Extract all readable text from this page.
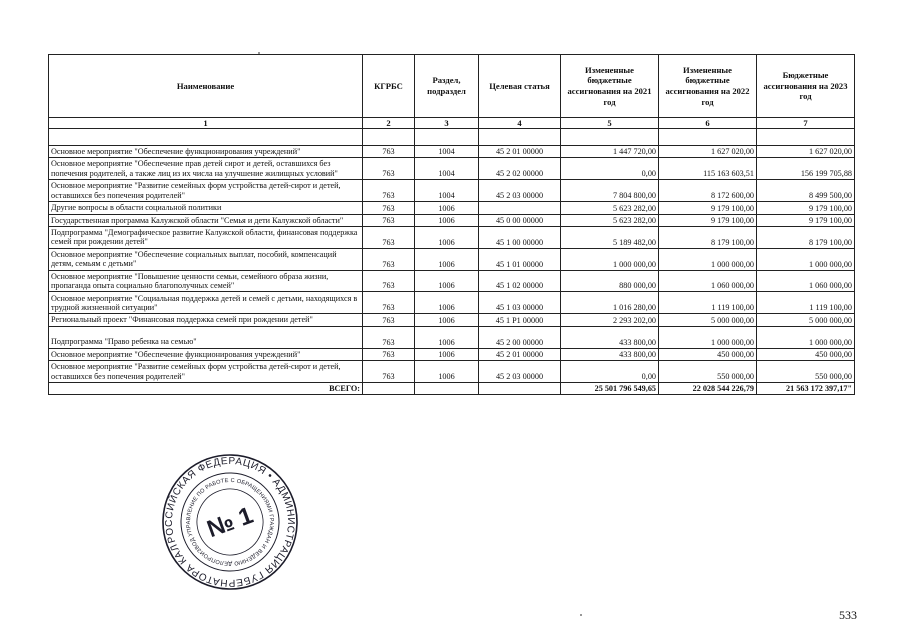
Наименование	КГРБС	Раздел, подраздел	Целевая статья	Измененные бюджетные ассигнования на 2021 год	Измененные бюджетные ассигнования на 2022 год	Бюджетные ассигнования на 2023 год
1	2	3	4	5	6	7

Основное мероприятие "Обеспечение функционирования учреждений"	763	1004	45 2 01 00000	1 447 720,00	1 627 020,00	1 627 020,00
Основное мероприятие "Обеспечение прав детей сирот и детей, оставшихся без попечения родителей, а также лиц из их числа на улучшение жилищных условий"	763	1004	45 2 02 00000	0,00	115 163 603,51	156 199 705,88
Основное мероприятие "Развитие семейных форм устройства детей-сирот и детей, оставшихся без попечения родителей"	763	1004	45 2 03 00000	7 804 800,00	8 172 600,00	8 499 500,00
Другие вопросы в области социальной политики	763	1006		5 623 282,00	9 179 100,00	9 179 100,00
Государственная программа Калужской области "Семья и дети Калужской области"	763	1006	45 0 00 00000	5 623 282,00	9 179 100,00	9 179 100,00
Подпрограмма "Демографическое развитие Калужской области, финансовая поддержка семей при рождении детей"	763	1006	45 1 00 00000	5 189 482,00	8 179 100,00	8 179 100,00
Основное мероприятие "Обеспечение социальных выплат, пособий, компенсаций детям, семьям с детьми"	763	1006	45 1 01 00000	1 000 000,00	1 000 000,00	1 000 000,00
Основное мероприятие "Повышение ценности семьи, семейного образа жизни, пропаганда опыта социально благополучных семей"	763	1006	45 1 02 00000	880 000,00	1 060 000,00	1 060 000,00
Основное мероприятие "Социальная поддержка детей и семей с детьми, находящихся в трудной жизненной ситуации"	763	1006	45 1 03 00000	1 016 280,00	1 119 100,00	1 119 100,00
Региональный проект "Финансовая поддержка семей при рождении детей"	763	1006	45 1 P1 00000	2 293 202,00	5 000 000,00	5 000 000,00
Подпрограмма "Право ребенка на семью"	763	1006	45 2 00 00000	433 800,00	1 000 000,00	1 000 000,00
Основное мероприятие "Обеспечение функционирования учреждений"	763	1006	45 2 01 00000	433 800,00	450 000,00	450 000,00
Основное мероприятие "Развитие семейных форм устройства детей-сирот и детей, оставшихся без попечения родителей"	763	1006	45 2 03 00000	0,00	550 000,00	550 000,00
ВСЕГО:				25 501 796 549,65	22 028 544 226,79	21 563 172 397,17"
РОССИЙСКАЯ ФЕДЕРАЦИЯ • АДМИНИСТРАЦИЯ ГУБЕРНАТОРА КАЛУЖСКОЙ
УПРАВЛЕНИЕ ПО РАБОТЕ С ОБРАЩЕНИЯМИ ГРАЖДАН И ВЕДЕНИЮ ДЕЛОПРОИЗВОДСТВА
№ 1
533
